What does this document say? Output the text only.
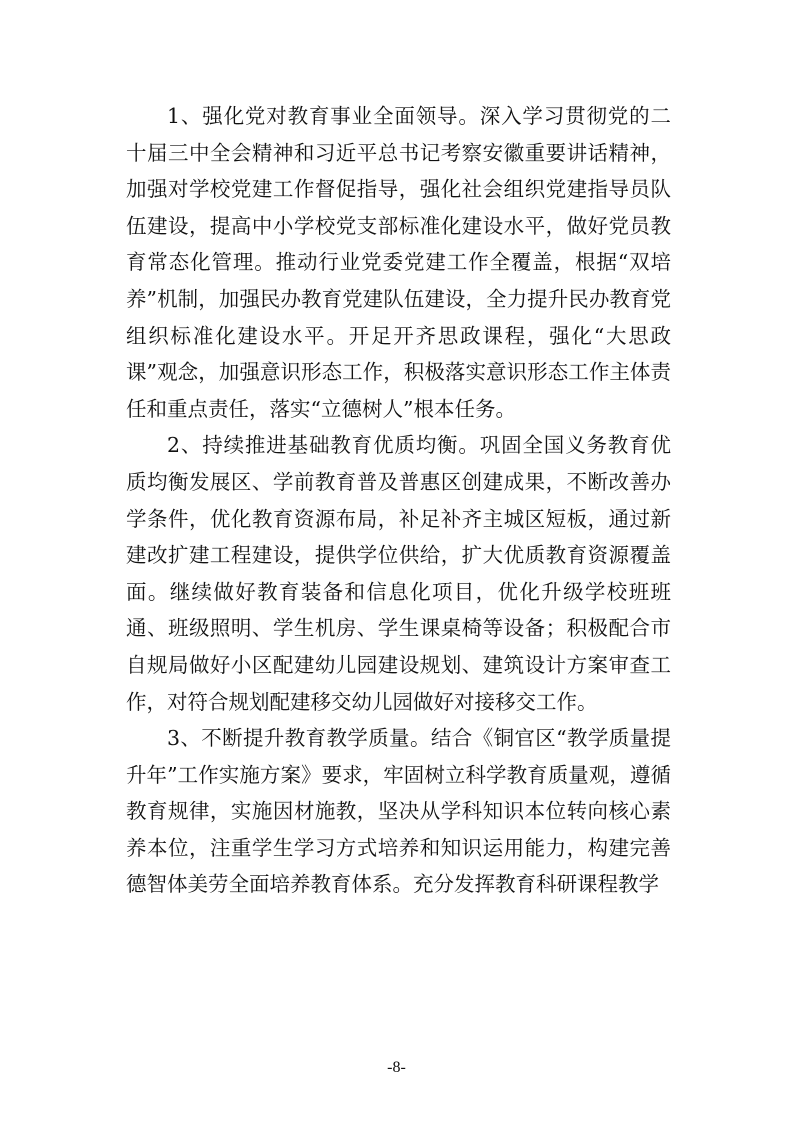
1、强化党对教育事业全面领导。深入学习贯彻党的二十届三中全会精神和习近平总书记考察安徽重要讲话精神，加强对学校党建工作督促指导，强化社会组织党建指导员队伍建设，提高中小学校党支部标准化建设水平，做好党员教育常态化管理。推动行业党委党建工作全覆盖，根据“双培养”机制，加强民办教育党建队伍建设，全力提升民办教育党组织标准化建设水平。开足开齐思政课程，强化“大思政课”观念，加强意识形态工作，积极落实意识形态工作主体责任和重点责任，落实“立德树人”根本任务。

2、持续推进基础教育优质均衡。巩固全国义务教育优质均衡发展区、学前教育普及普惠区创建成果，不断改善办学条件，优化教育资源布局，补足补齐主城区短板，通过新建改扩建工程建设，提供学位供给，扩大优质教育资源覆盖面。继续做好教育装备和信息化项目，优化升级学校班班通、班级照明、学生机房、学生课桌椅等设备；积极配合市自规局做好小区配建幼儿园建设规划、建筑设计方案审查工作，对符合规划配建移交幼儿园做好对接移交工作。

3、不断提升教育教学质量。结合《铜官区“教学质量提升年”工作实施方案》要求，牢固树立科学教育质量观，遵循教育规律，实施因材施教，坚决从学科知识本位转向核心素养本位，注重学生学习方式培养和知识运用能力，构建完善德智体美劳全面培养教育体系。充分发挥教育科研课程教学

-8-
